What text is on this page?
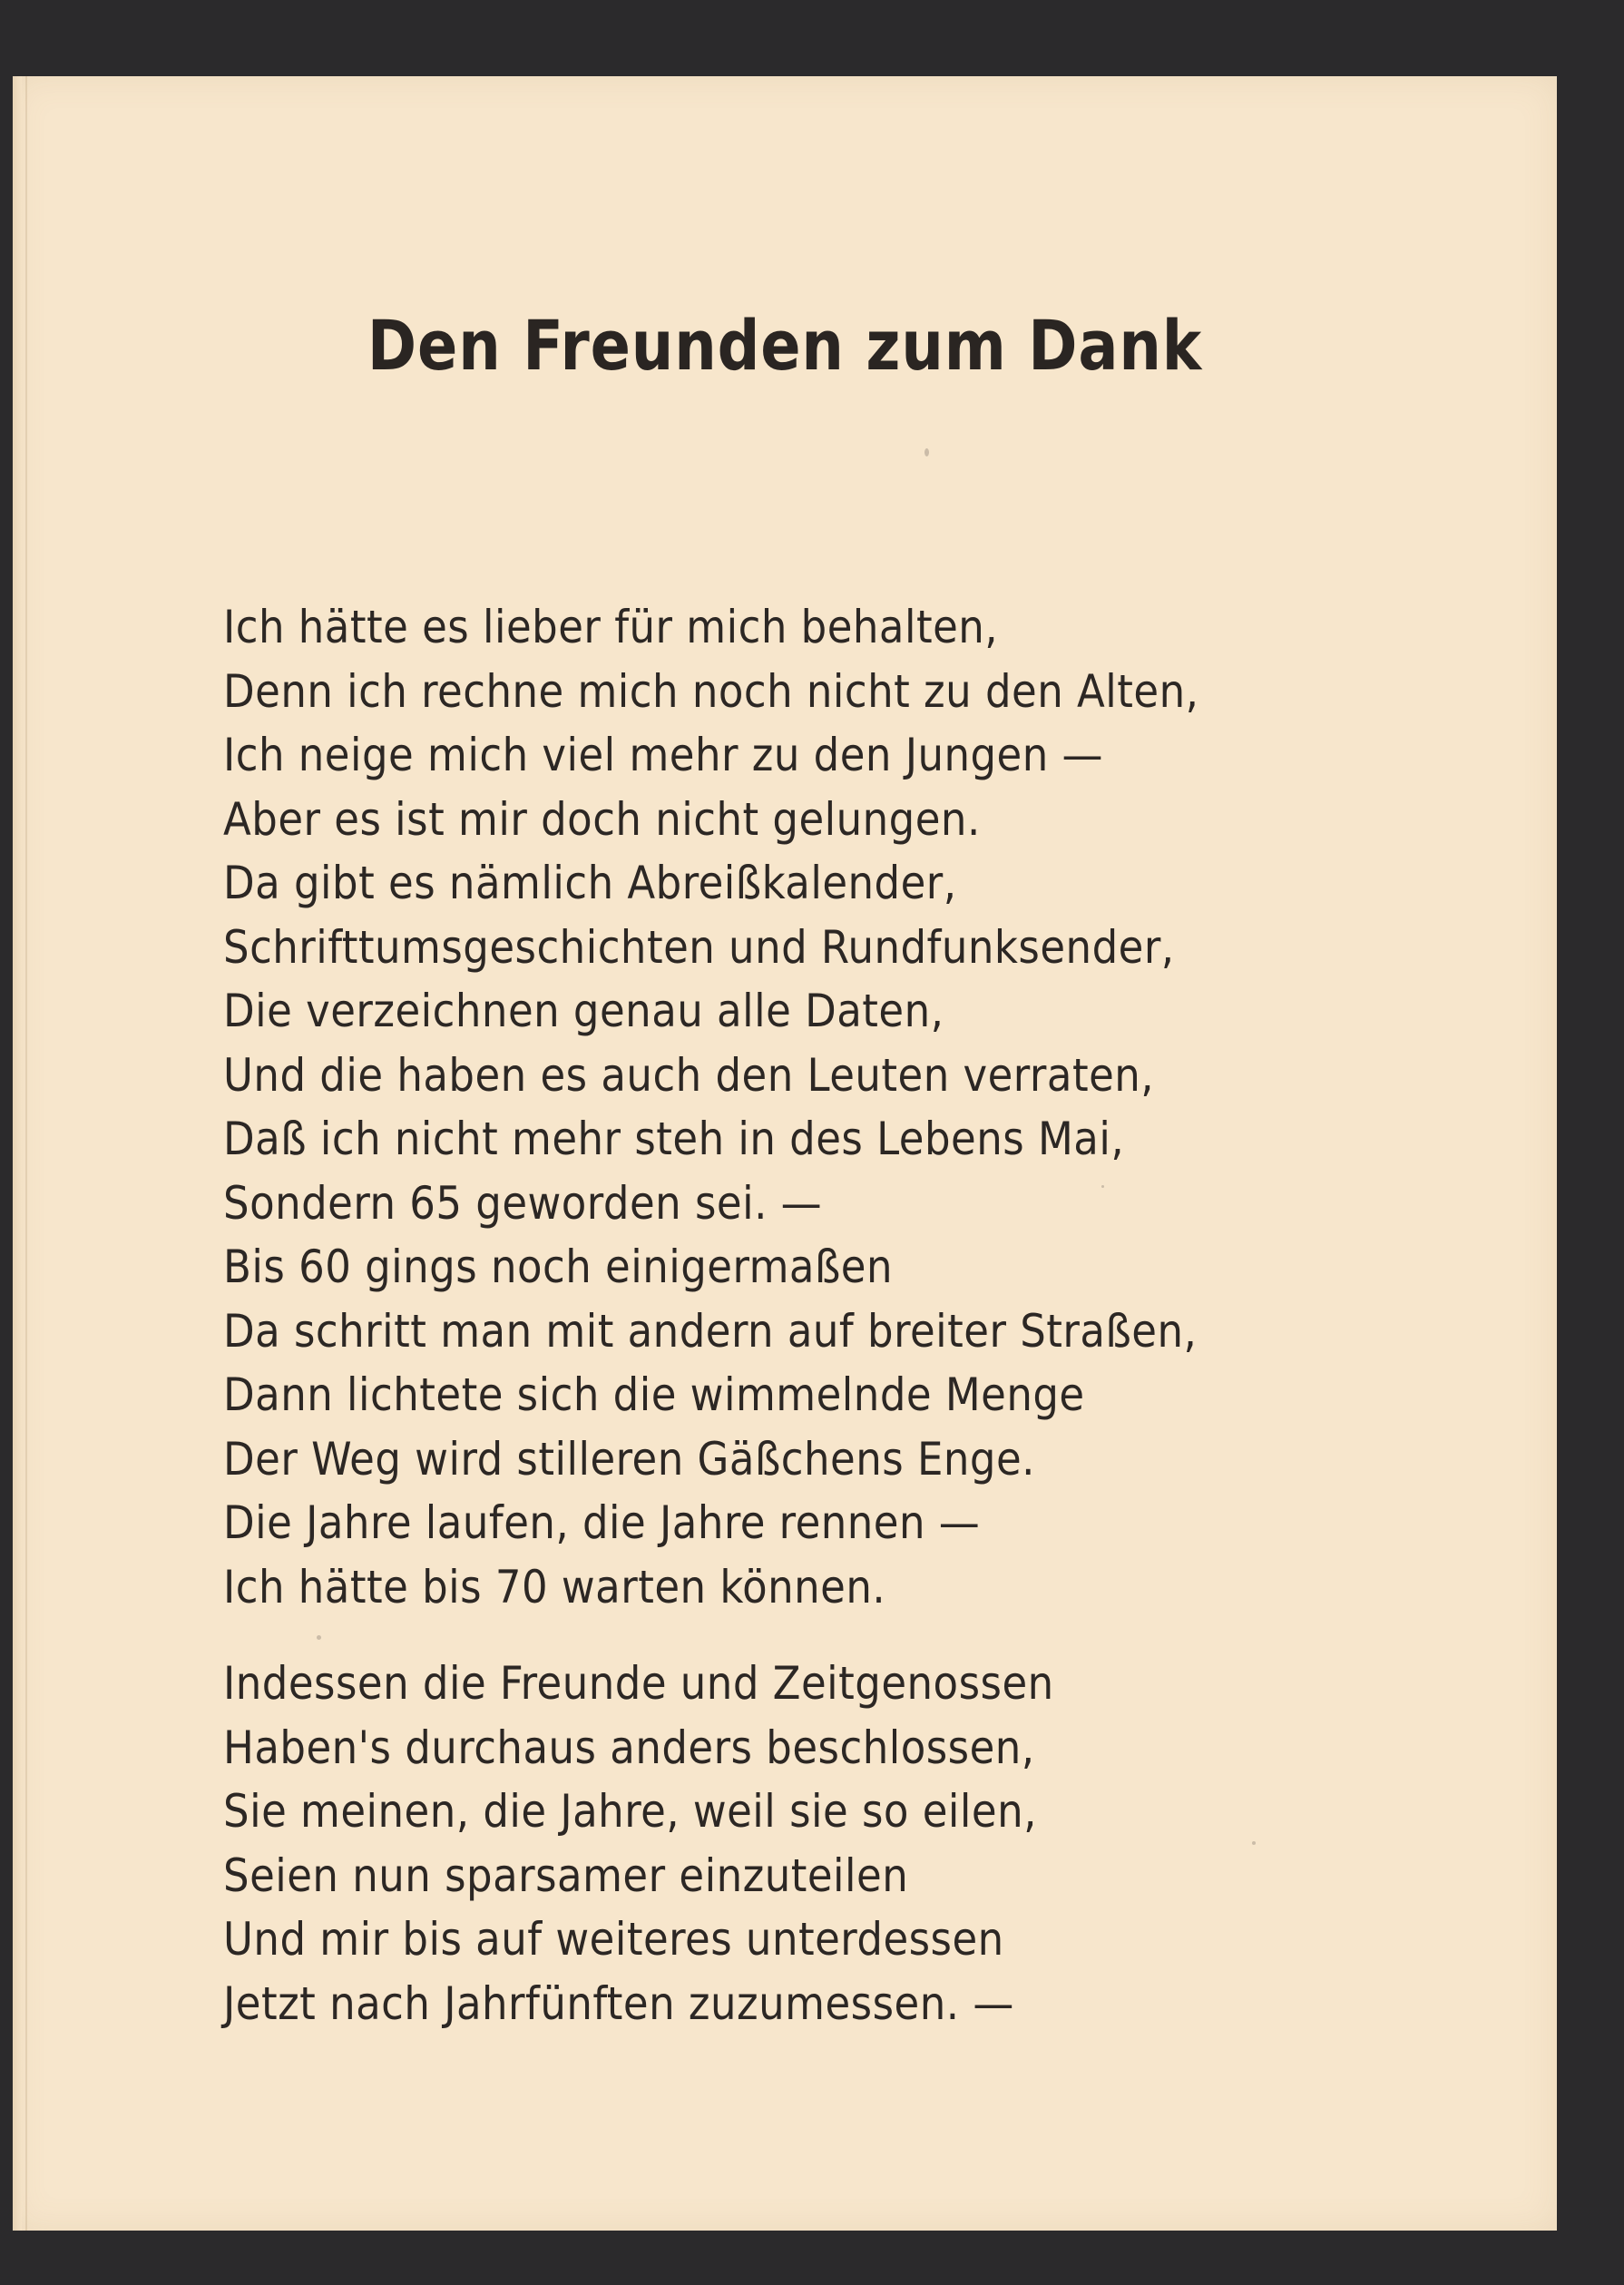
Den Freunden zum Dank
Ich hätte es lieber für mich behalten,
Denn ich rechne mich noch nicht zu den Alten,
Ich neige mich viel mehr zu den Jungen —
Aber es ist mir doch nicht gelungen.
Da gibt es nämlich Abreißkalender,
Schrifttumsgeschichten und Rundfunksender,
Die verzeichnen genau alle Daten,
Und die haben es auch den Leuten verraten,
Daß ich nicht mehr steh in des Lebens Mai,
Sondern 65 geworden sei. —
Bis 60 gings noch einigermaßen
Da schritt man mit andern auf breiter Straßen,
Dann lichtete sich die wimmelnde Menge
Der Weg wird stilleren Gäßchens Enge.
Die Jahre laufen, die Jahre rennen —
Ich hätte bis 70 warten können.
Indessen die Freunde und Zeitgenossen
Haben's durchaus anders beschlossen,
Sie meinen, die Jahre, weil sie so eilen,
Seien nun sparsamer einzuteilen
Und mir bis auf weiteres unterdessen
Jetzt nach Jahrfünften zuzumessen. —
